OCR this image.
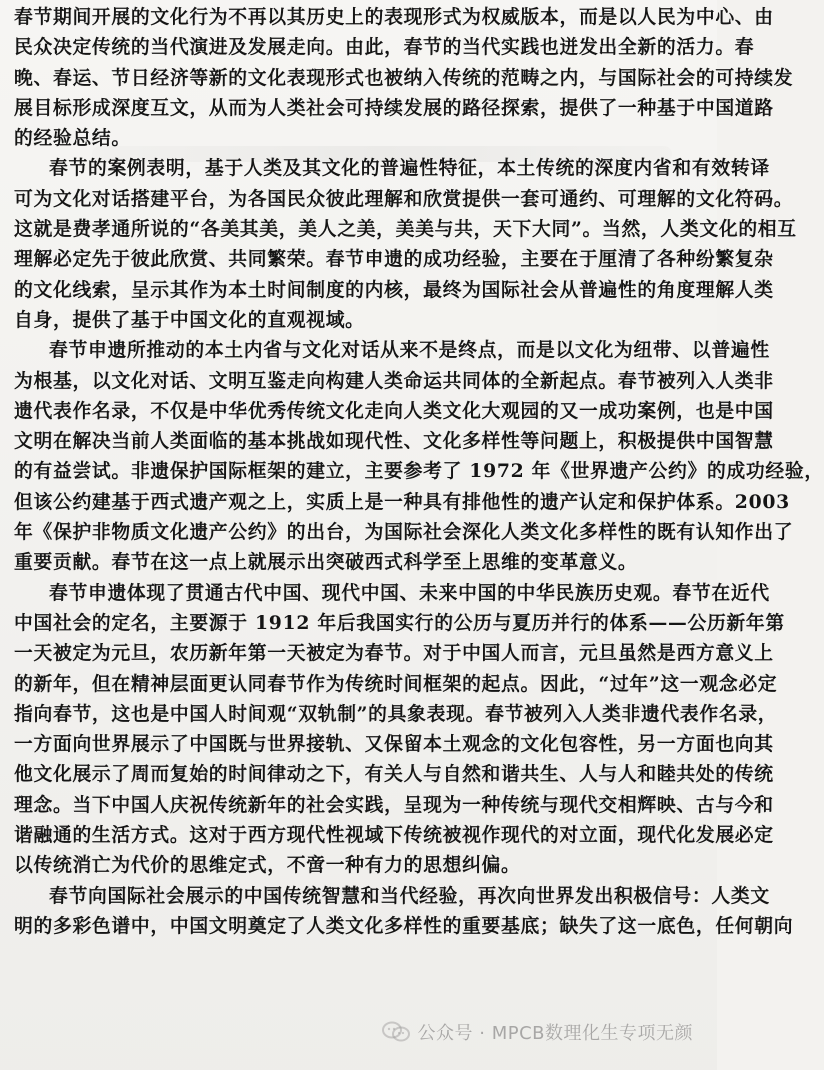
春节期间开展的文化行为不再以其历史上的表现形式为权威版本，而是以人民为中心、由
民众决定传统的当代演进及发展走向。由此，春节的当代实践也迸发出全新的活力。春
晚、春运、节日经济等新的文化表现形式也被纳入传统的范畴之内，与国际社会的可持续发
展目标形成深度互文，从而为人类社会可持续发展的路径探索，提供了一种基于中国道路
的经验总结。
春节的案例表明，基于人类及其文化的普遍性特征，本土传统的深度内省和有效转译
可为文化对话搭建平台，为各国民众彼此理解和欣赏提供一套可通约、可理解的文化符码。
这就是费孝通所说的“各美其美，美人之美，美美与共，天下大同”。当然，人类文化的相互
理解必定先于彼此欣赏、共同繁荣。春节申遗的成功经验，主要在于厘清了各种纷繁复杂
的文化线索，呈示其作为本土时间制度的内核，最终为国际社会从普遍性的角度理解人类
自身，提供了基于中国文化的直观视域。
春节申遗所推动的本土内省与文化对话从来不是终点，而是以文化为纽带、以普遍性
为根基，以文化对话、文明互鉴走向构建人类命运共同体的全新起点。春节被列入人类非
遗代表作名录，不仅是中华优秀传统文化走向人类文化大观园的又一成功案例，也是中国
文明在解决当前人类面临的基本挑战如现代性、文化多样性等问题上，积极提供中国智慧
的有益尝试。非遗保护国际框架的建立，主要参考了 1972 年《世界遗产公约》的成功经验，
但该公约建基于西式遗产观之上，实质上是一种具有排他性的遗产认定和保护体系。2003
年《保护非物质文化遗产公约》的出台，为国际社会深化人类文化多样性的既有认知作出了
重要贡献。春节在这一点上就展示出突破西式科学至上思维的变革意义。
春节申遗体现了贯通古代中国、现代中国、未来中国的中华民族历史观。春节在近代
中国社会的定名，主要源于 1912 年后我国实行的公历与夏历并行的体系——公历新年第
一天被定为元旦，农历新年第一天被定为春节。对于中国人而言，元旦虽然是西方意义上
的新年，但在精神层面更认同春节作为传统时间框架的起点。因此，“过年”这一观念必定
指向春节，这也是中国人时间观“双轨制”的具象表现。春节被列入人类非遗代表作名录，
一方面向世界展示了中国既与世界接轨、又保留本土观念的文化包容性，另一方面也向其
他文化展示了周而复始的时间律动之下，有关人与自然和谐共生、人与人和睦共处的传统
理念。当下中国人庆祝传统新年的社会实践，呈现为一种传统与现代交相辉映、古与今和
谐融通的生活方式。这对于西方现代性视域下传统被视作现代的对立面，现代化发展必定
以传统消亡为代价的思维定式，不啻一种有力的思想纠偏。
春节向国际社会展示的中国传统智慧和当代经验，再次向世界发出积极信号：人类文
明的多彩色谱中，中国文明奠定了人类文化多样性的重要基底；缺失了这一底色，任何朝向
公众号 · MPCB数理化生专项无颜
